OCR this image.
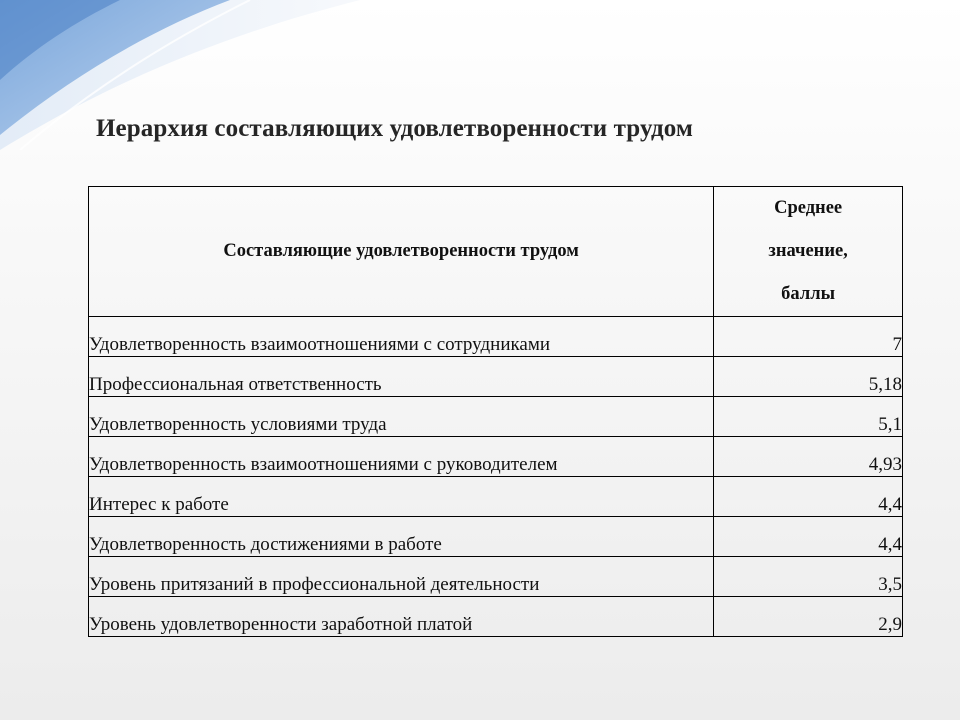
Иерархия составляющих удовлетворенности трудом
Составляющие удовлетворенности трудом	Среднее
значение,
баллы

Удовлетворенность взаимоотношениями с сотрудниками	7
Профессиональная ответственность	5,18
Удовлетворенность условиями труда	5,1
Удовлетворенность взаимоотношениями с руководителем	4,93
Интерес к работе	4,4
Удовлетворенность достижениями в работе	4,4
Уровень притязаний в профессиональной деятельности	3,5
Уровень удовлетворенности заработной платой	2,9
